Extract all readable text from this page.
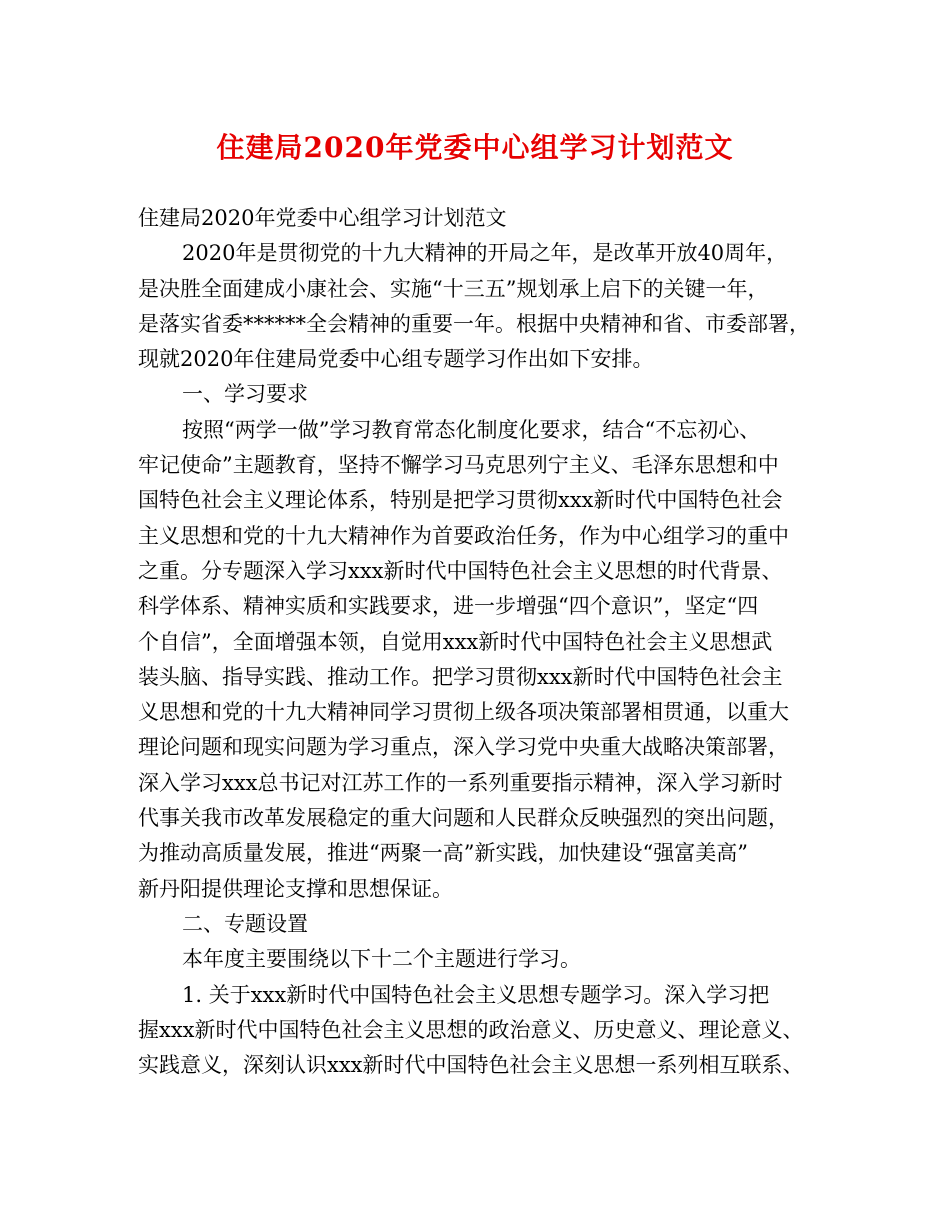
住建局2020年党委中心组学习计划范文
住建局2020年党委中心组学习计划范文
2020年是贯彻党的十九大精神的开局之年，是改革开放40周年，
是决胜全面建成小康社会、实施“十三五”规划承上启下的关键一年，
是落实省委******全会精神的重要一年。根据中央精神和省、市委部署，
现就2020年住建局党委中心组专题学习作出如下安排。
一、学习要求
按照“两学一做”学习教育常态化制度化要求，结合“不忘初心、
牢记使命”主题教育，坚持不懈学习马克思列宁主义、毛泽东思想和中
国特色社会主义理论体系，特别是把学习贯彻xxx新时代中国特色社会
主义思想和党的十九大精神作为首要政治任务，作为中心组学习的重中
之重。分专题深入学习xxx新时代中国特色社会主义思想的时代背景、
科学体系、精神实质和实践要求，进一步增强“四个意识”，坚定“四
个自信”，全面增强本领，自觉用xxx新时代中国特色社会主义思想武
装头脑、指导实践、推动工作。把学习贯彻xxx新时代中国特色社会主
义思想和党的十九大精神同学习贯彻上级各项决策部署相贯通，以重大
理论问题和现实问题为学习重点，深入学习党中央重大战略决策部署，
深入学习xxx总书记对江苏工作的一系列重要指示精神，深入学习新时
代事关我市改革发展稳定的重大问题和人民群众反映强烈的突出问题，
为推动高质量发展，推进“两聚一高”新实践，加快建设“强富美高”
新丹阳提供理论支撑和思想保证。
二、专题设置
本年度主要围绕以下十二个主题进行学习。
1. 关于xxx新时代中国特色社会主义思想专题学习。深入学习把
握xxx新时代中国特色社会主义思想的政治意义、历史意义、理论意义、
实践意义，深刻认识xxx新时代中国特色社会主义思想一系列相互联系、
